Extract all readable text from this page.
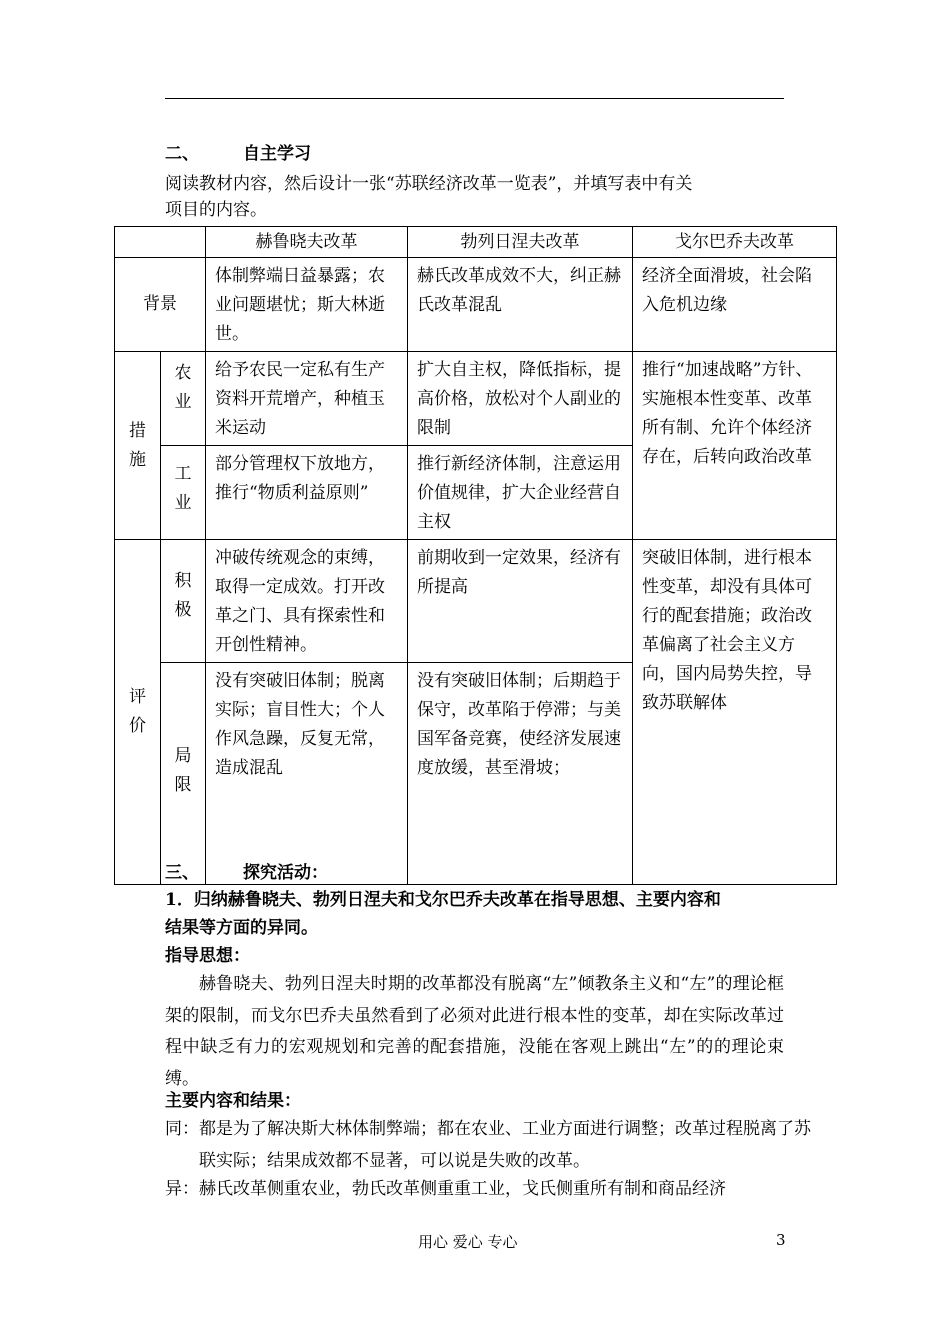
二、	自主学习
阅读教材内容，然后设计一张“苏联经济改革一览表”，并填写表中有关
项目的内容。
		赫鲁晓夫改革	勃列日涅夫改革	戈尔巴乔夫改革
背景		体制弊端日益暴露；农业问题堪忧；斯大林逝世。	赫氏改革成效不大，纠正赫氏改革混乱	经济全面滑坡，社会陷入危机边缘
措施	农业	给予农民一定私有生产资料开荒增产，种植玉米运动	扩大自主权，降低指标，提高价格，放松对个人副业的限制	推行“加速战略”方针、实施根本性变革、改革所有制、允许个体经济存在，后转向政治改革
	工业	部分管理权下放地方，推行“物质利益原则”	推行新经济体制，注意运用价值规律，扩大企业经营自主权	
评价	积极	冲破传统观念的束缚，取得一定成效。打开改革之门、具有探索性和开创性精神。	前期收到一定效果，经济有所提高	突破旧体制，进行根本性变革，却没有具体可行的配套措施；政治改革偏离了社会主义方向，国内局势失控，导致苏联解体
	局限	没有突破旧体制；脱离实际；盲目性大；个人作风急躁，反复无常，造成混乱	没有突破旧体制；后期趋于保守，改革陷于停滞；与美国军备竞赛，使经济发展速度放缓，甚至滑坡；	
三、	探究活动：
1．归纳赫鲁晓夫、勃列日涅夫和戈尔巴乔夫改革在指导思想、主要内容和
结果等方面的异同。
指导思想：
赫鲁晓夫、勃列日涅夫时期的改革都没有脱离“左”倾教条主义和“左”的理论框架的限制，而戈尔巴乔夫虽然看到了必须对此进行根本性的变革，却在实际改革过程中缺乏有力的宏观规划和完善的配套措施，没能在客观上跳出“左”的的理论束缚。
主要内容和结果：
同：都是为了解决斯大林体制弊端；都在农业、工业方面进行调整；改革过程脱离了苏联实际；结果成效都不显著，可以说是失败的改革。
异：赫氏改革侧重农业，勃氏改革侧重重工业，戈氏侧重所有制和商品经济
用心 爱心 专心	3
